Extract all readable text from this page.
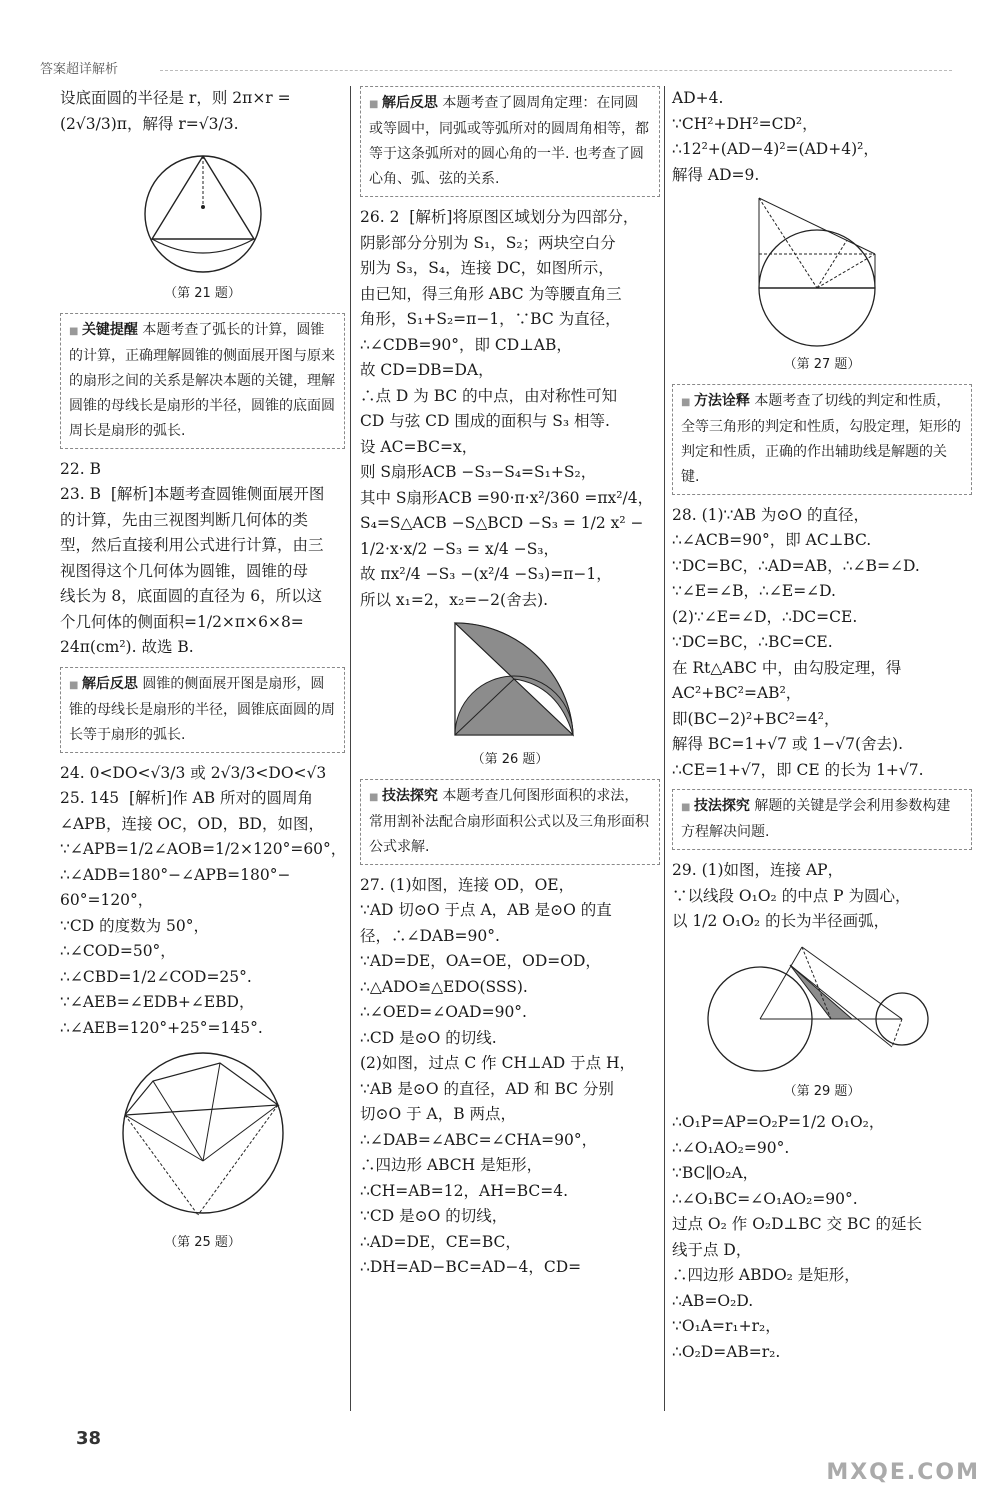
答案超详解析

设底面圆的半径是 r，则 2π×r =

(2√3/3)π，解得 r=√3/3.

（第 21 题）

■ 关键提醒 本题考查了弧长的计算，圆锥的计算，正确理解圆锥的侧面展开图与原来的扇形之间的关系是解决本题的关键，理解圆锥的母线长是扇形的半径，圆锥的底面圆周长是扇形的弧长.

22. B

23. B  [解析]本题考查圆锥侧面展开图

的计算，先由三视图判断几何体的类

型，然后直接利用公式进行计算，由三

视图得这个几何体为圆锥，圆锥的母

线长为 8，底面圆的直径为 6，所以这

个几何体的侧面积=1/2×π×6×8=

24π(cm²). 故选 B.

■ 解后反思 圆锥的侧面展开图是扇形，圆锥的母线长是扇形的半径，圆锥底面圆的周长等于扇形的弧长.

24. 0<DO<√3/3 或 2√3/3<DO<√3

25. 145  [解析]作 AB 所对的圆周角

∠APB，连接 OC，OD，BD，如图，

∵∠APB=1/2∠AOB=1/2×120°=60°，

∴∠ADB=180°−∠APB=180°−

60°=120°，

∵CD 的度数为 50°，

∴∠COD=50°，

∴∠CBD=1/2∠COD=25°.

∵∠AEB=∠EDB+∠EBD，

∴∠AEB=120°+25°=145°.

（第 25 题）

■ 解后反思 本题考查了圆周角定理：在同圆或等圆中，同弧或等弧所对的圆周角相等，都等于这条弧所对的圆心角的一半. 也考查了圆心角、弧、弦的关系.

26. 2  [解析]将原图区域划分为四部分，

阴影部分分别为 S₁，S₂；两块空白分

别为 S₃，S₄，连接 DC，如图所示，

由已知，得三角形 ABC 为等腰直角三

角形，S₁+S₂=π−1，∵BC 为直径，

∴∠CDB=90°，即 CD⊥AB，

故 CD=DB=DA，

∴点 D 为 BC 的中点，由对称性可知

CD 与弦 CD 围成的面积与 S₃ 相等.

设 AC=BC=x，

则 S扇形ACB −S₃−S₄=S₁+S₂，

其中 S扇形ACB =90·π·x²/360 =πx²/4，

S₄=S△ACB −S△BCD −S₃ = 1/2 x² −

1/2·x·x/2 −S₃ = x/4 −S₃，

故 πx²/4 −S₃ −(x²/4 −S₃)=π−1，

所以 x₁=2，x₂=−2(舍去).

（第 26 题）

■ 技法探究 本题考查几何图形面积的求法，常用割补法配合扇形面积公式以及三角形面积公式求解.

27. (1)如图，连接 OD，OE，

∵AD 切⊙O 于点 A，AB 是⊙O 的直

径，∴∠DAB=90°.

∵AD=DE，OA=OE，OD=OD，

∴△ADO≌△EDO(SSS).

∴∠OED=∠OAD=90°.

∴CD 是⊙O 的切线.

(2)如图，过点 C 作 CH⊥AD 于点 H，

∵AB 是⊙O 的直径，AD 和 BC 分别

切⊙O 于 A，B 两点，

∴∠DAB=∠ABC=∠CHA=90°，

∴四边形 ABCH 是矩形，

∴CH=AB=12，AH=BC=4.

∵CD 是⊙O 的切线，

∴AD=DE，CE=BC，

∴DH=AD−BC=AD−4，CD=

AD+4.

∵CH²+DH²=CD²，

∴12²+(AD−4)²=(AD+4)²，

解得 AD=9.

（第 27 题）

■ 方法诠释 本题考查了切线的判定和性质，全等三角形的判定和性质，勾股定理，矩形的判定和性质，正确的作出辅助线是解题的关键.

28. (1)∵AB 为⊙O 的直径，

∴∠ACB=90°，即 AC⊥BC.

∵DC=BC，∴AD=AB，∴∠B=∠D.

∵∠E=∠B，∴∠E=∠D.

(2)∵∠E=∠D，∴DC=CE.

∵DC=BC，∴BC=CE.

在 Rt△ABC 中，由勾股定理，得

AC²+BC²=AB²，

即(BC−2)²+BC²=4²，

解得 BC=1+√7 或 1−√7(舍去).

∴CE=1+√7，即 CE 的长为 1+√7.

■ 技法探究 解题的关键是学会利用参数构建方程解决问题.

29. (1)如图，连接 AP，

∵以线段 O₁O₂ 的中点 P 为圆心，

以 1/2 O₁O₂ 的长为半径画弧，

（第 29 题）

∴O₁P=AP=O₂P=1/2 O₁O₂，

∴∠O₁AO₂=90°.

∵BC∥O₂A，

∴∠O₁BC=∠O₁AO₂=90°.

过点 O₂ 作 O₂D⊥BC 交 BC 的延长

线于点 D，

∴四边形 ABDO₂ 是矩形，

∴AB=O₂D.

∵O₁A=r₁+r₂，

∴O₂D=AB=r₂.

38
MXQE.COM
